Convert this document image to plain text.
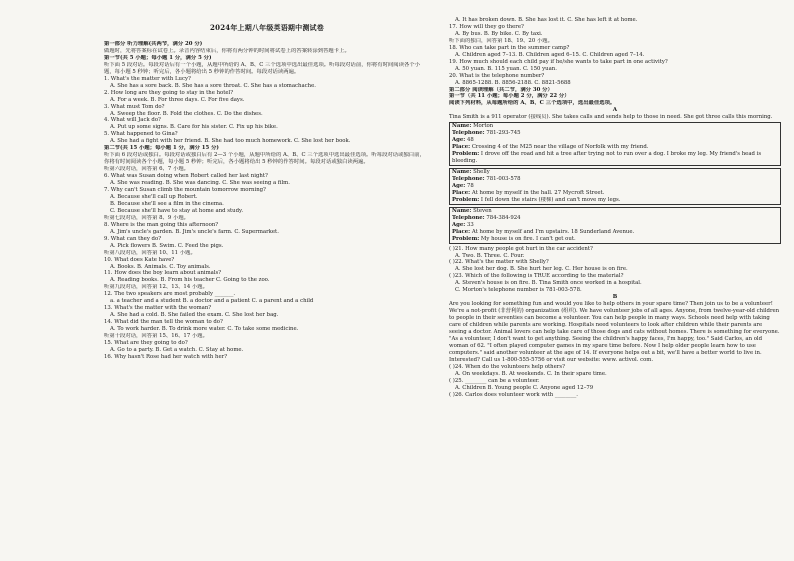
2024年上期八年级英语期中测试卷
第一部分 听力理解(共两节，满分 20 分)
做题时，先将答案标在试卷上。录音内容结束后，你将有两分钟的时间将试卷上的答案转涂到答题卡上。
第一节(共 5 小题；每小题 1 分，满分 5 分)
听下面 5 段对话。每段对话后有一个小题，从题中所给的 A、B、C 三个选项中选出最佳选项。听每段对话前，你将有时间阅读各个小题，每小题 5 秒钟；听完后，各小题将给出 5 秒钟的作答时间。每段对话读两遍。
1. What's the matter with Lucy?
A. She has a sore back. B. She has a sore throat. C. She has a stomachache.
2. How long are they going to stay in the hotel?
A. For a week. B. For three days. C. For five days.
3. What must Tom do?
A. Sweep the floor. B. Fold the clothes. C. Do the dishes.
4. What will Jack do?
A. Put up some signs. B. Care for his sister. C. Fix up his bike.
5. What happened to Gina?
A. She had a fight with her friend. B. She had too much homework. C. She lost her book.
第二节(共 15 小题；每小题 1 分，满分 15 分)
听下面 6 段对话或独白。每段对话或独白后有 2—3 个小题，从题中所给的 A、B、C 三个选项中选出最佳选项。听每段对话或独白前，你将有时间阅读各个小题，每小题 5 秒钟；听完后，各小题将给出 5 秒钟的作答时间。每段对话或独白读两遍。
听第六段对话，回答第 6、7 小题。
6. What was Susan doing when Robert called her last night?
A. She was reading. B. She was dancing. C. She was seeing a film.
7. Why can't Susan climb the mountain tomorrow morning?
A. Because she'll call up Robert.
B. Because she'll see a film in the cinema.
C. Because she'll have to stay at home and study.
听第七段对话，回答第 8、9 小题。
8. Where is the man going this afternoon?
A. Jim's uncle's garden. B. Jim's uncle's farm. C. Supermarket.
9. What can they do?
A. Pick flowers B. Swim. C. Feed the pigs.
听第八段对话，回答第 10、11 小题。
10. What does Kate have?
A. Books. B. Animals. C. Toy animals.
11. How does the boy learn about animals?
A. Reading books. B. From his teacher C. Going to the zoo.
听第九段对话，回答第 12、13、14 小题。
12. The two speakers are most probably _______.
a. a teacher and a student B. a doctor and a patient C. a parent and a child
13. What's the matter with the woman?
A. She had a cold. B. She failed the exam. C. She lost her bag.
14. What did the man tell the woman to do?
A. To work harder. B. To drink more water. C. To take some medicine.
听第十段对话，回答第 15、16、17 小题。
15. What are they going to do?
A. Go to a party. B. Get a watch. C. Stay at home.
16. Why hasn't Rose had her watch with her?
A. It has broken down. B. She has lost it. C. She has left it at home.
17. How will they go there?
A. By bus. B. By bike. C. By taxi.
听下面的独白，回答第 18、19、20 小题。
18. Who can take part in the summer camp?
A. Children aged 7–13. B. Children aged 6–15. C. Children aged 7–14.
19. How much should each child pay if he/she wants to take part in one activity?
A. 50 yuan. B. 115 yuan. C. 150 yuan.
20. What is the telephone number?
A. 8865-1288. B. 8856-2188. C. 8821-5688
第二部分 阅读理解（共二节，满分 30 分）
第一节（共 11 小题；每小题 2 分，满分 22 分）
阅读下列材料，从每题所给的 A、B、C 三个选项中，选出最佳选项。
A
Tina Smith is a 911 operator (接线员). She takes calls and sends help to those in need. She got three calls this morning.
Name: Morton
Telephone: 781-293-745
Age: 48
Place: Crossing 4 of the M25 near the village of Norfolk with my friend.
Problem: I drove off the road and hit a tree after trying not to run over a dog. I broke my leg. My friend's head is bleeding.
Name: Shelly
Telephone: 781-003-578
Age: 78
Place: At home by myself in the hall. 27 Mycroft Street.
Problem: I fell down the stairs (楼梯) and can't move my legs.
Name: Steven
Telephone: 784-384-924
Age: 33
Place: At home by myself and I'm upstairs. 18 Sunderland Avenue.
Problem: My house is on fire. I can't get out.
( )21. How many people got hurt in the car accident?
A. Two. B. Three. C. Four.
( )22. What's the matter with Shelly?
A. She lost her dog. B. She hurt her leg. C. Her house is on fire.
( )23. Which of the following is TRUE according to the material?
A. Steven's house is on fire. B. Tina Smith once worked in a hospital.
C. Morton's telephone number is 781-003-578.
B
Are you looking for something fun and would you like to help others in your spare time? Then join us to be a volunteer! We're a not-profit (非营利的) organization (组织). We have volunteer jobs of all ages. Anyone, from twelve-year-old children to people in their seventies can become a volunteer. You can help people in many ways. Schools need help with taking care of children while parents are working. Hospitals need volunteers to look after children while their parents are seeing a doctor. Animal lovers can help take care of those dogs and cats without homes. There is something for everyone. "As a volunteer, I don't want to get anything. Seeing the children's happy faces, I'm happy, too." Said Carlos, an old woman of 62. "I often played computer games in my spare time before. Now I help older people learn how to use computers." said another volunteer at the age of 14. If everyone helps out a bit, we'll have a better world to live in.
Interested? Call us 1-800-555-5756 or visit our website: www. activol. com.
( )24. When do the volunteers help others?
A. On weekdays. B. At weekends. C. In their spare time.
( )25. ________ can be a volunteer.
A. Children B. Young people C. Anyone aged 12–79
( )26. Carlos does volunteer work with ________.
